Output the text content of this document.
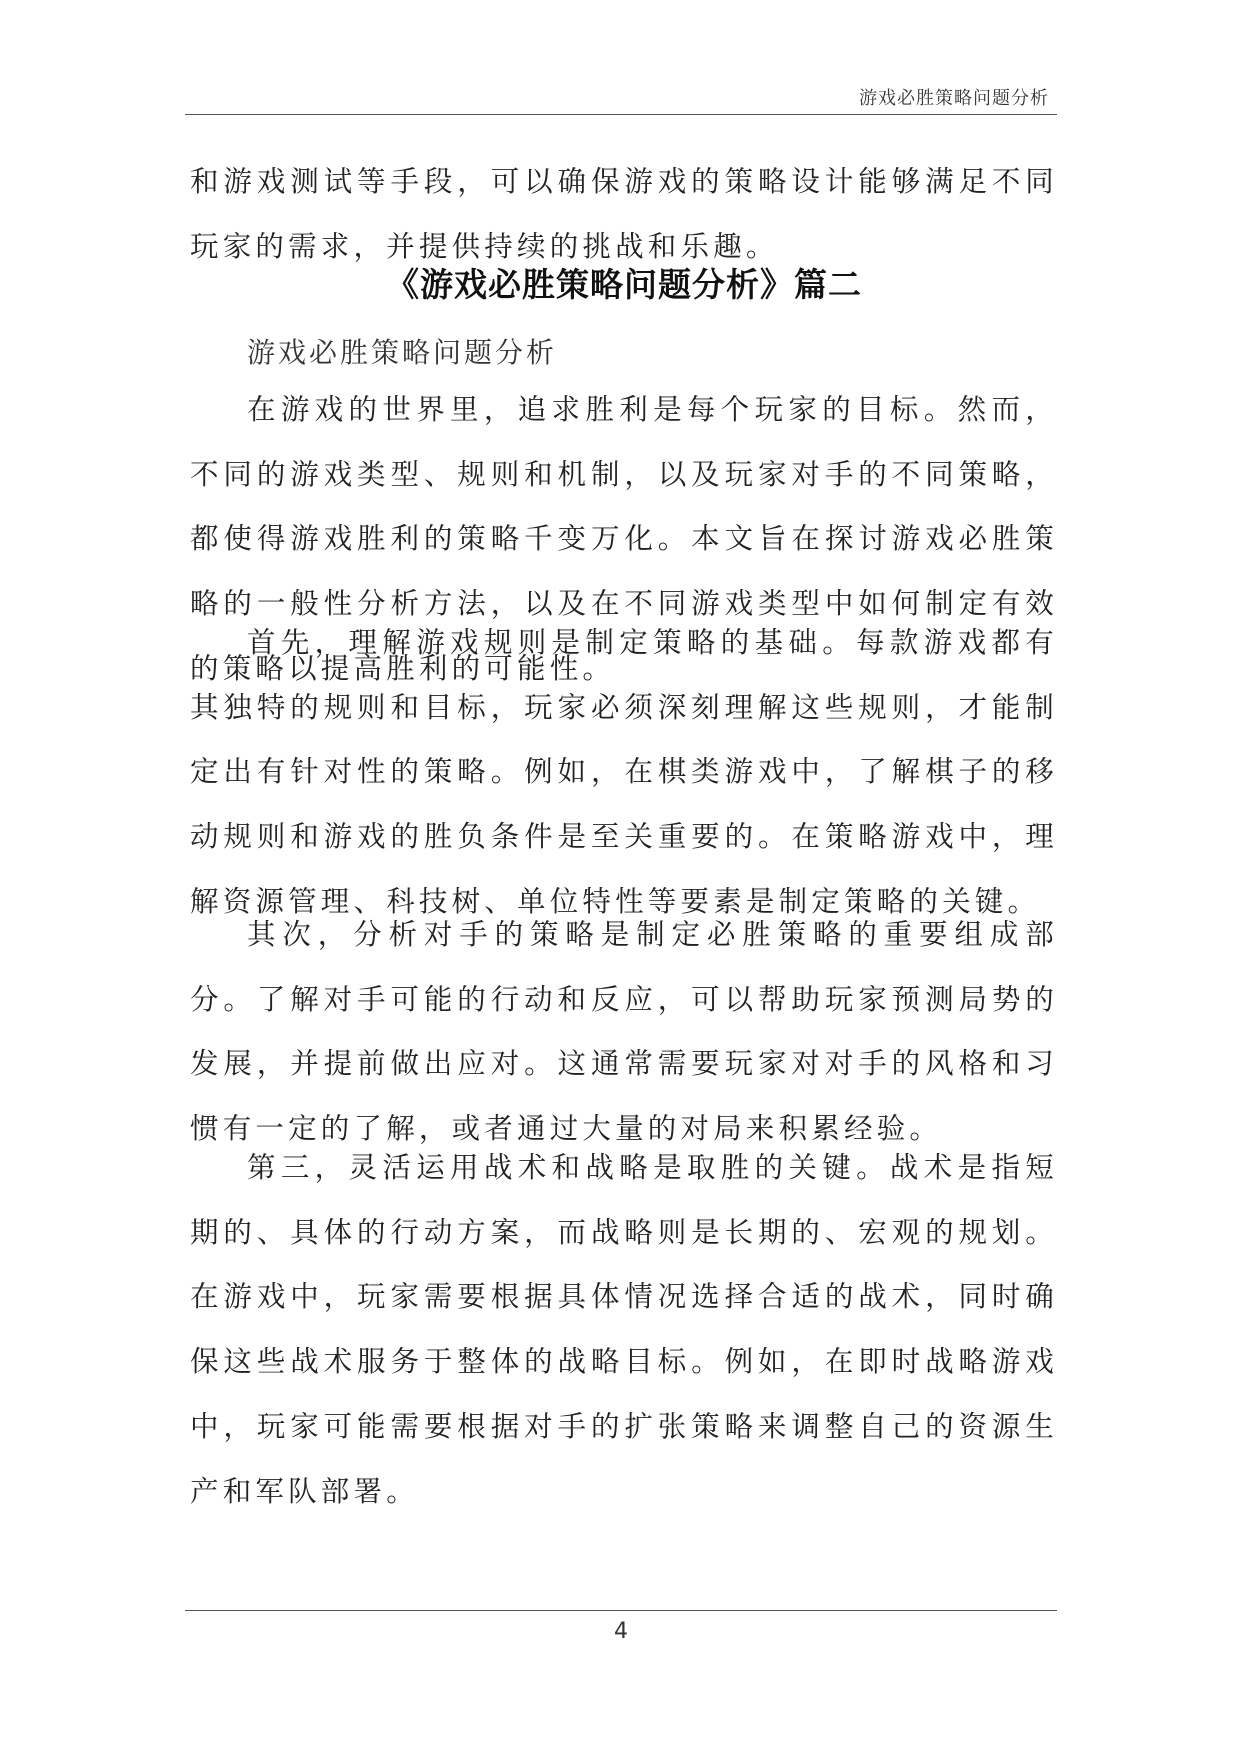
游戏必胜策略问题分析

和游戏测试等手段，可以确保游戏的策略设计能够满足不同玩家的需求，并提供持续的挑战和乐趣。

《游戏必胜策略问题分析》篇二

游戏必胜策略问题分析

在游戏的世界里，追求胜利是每个玩家的目标。然而，不同的游戏类型、规则和机制，以及玩家对手的不同策略，都使得游戏胜利的策略千变万化。本文旨在探讨游戏必胜策略的一般性分析方法，以及在不同游戏类型中如何制定有效的策略以提高胜利的可能性。

首先，理解游戏规则是制定策略的基础。每款游戏都有其独特的规则和目标，玩家必须深刻理解这些规则，才能制定出有针对性的策略。例如，在棋类游戏中，了解棋子的移动规则和游戏的胜负条件是至关重要的。在策略游戏中，理解资源管理、科技树、单位特性等要素是制定策略的关键。

其次，分析对手的策略是制定必胜策略的重要组成部分。了解对手可能的行动和反应，可以帮助玩家预测局势的发展，并提前做出应对。这通常需要玩家对对手的风格和习惯有一定的了解，或者通过大量的对局来积累经验。

第三，灵活运用战术和战略是取胜的关键。战术是指短期的、具体的行动方案，而战略则是长期的、宏观的规划。在游戏中，玩家需要根据具体情况选择合适的战术，同时确保这些战术服务于整体的战略目标。例如，在即时战略游戏中，玩家可能需要根据对手的扩张策略来调整自己的资源生产和军队部署。

4
